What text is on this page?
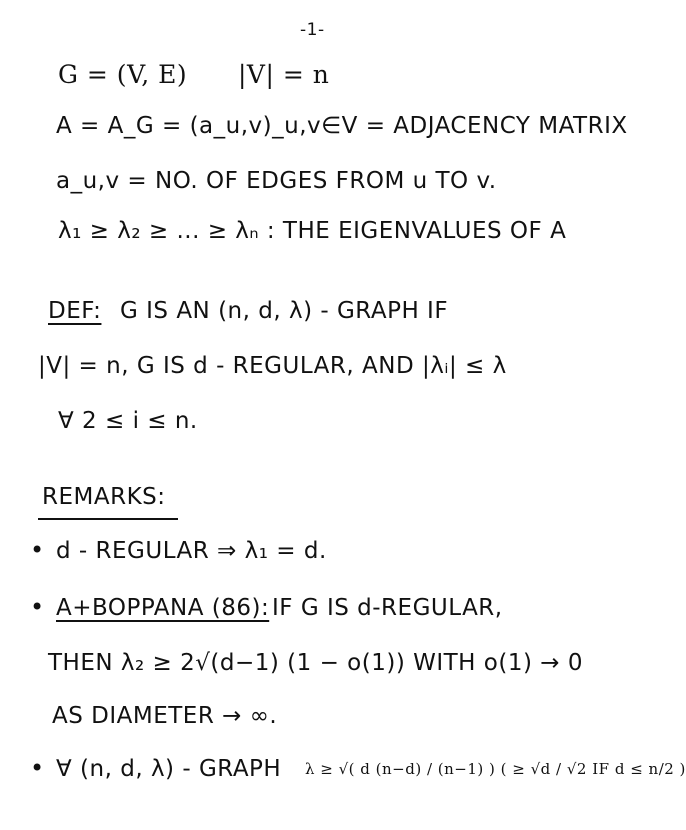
-1-
G = (V, E) |V| = n
A = A_G = (a_u,v)_u,v∈V = ADJACENCY MATRIX
a_u,v = NO. OF EDGES FROM u TO v.
λ₁ ≥ λ₂ ≥ ... ≥ λₙ : THE EIGENVALUES OF A
DEF: G IS AN (n, d, λ) - GRAPH IF
|V| = n, G IS d - REGULAR, AND |λᵢ| ≤ λ
∀ 2 ≤ i ≤ n.
REMARKS:
• d - REGULAR ⇒ λ₁ = d.
• A+BOPPANA (86): IF G IS d-REGULAR,
THEN λ₂ ≥ 2√(d−1) (1 − o(1)) WITH o(1) → 0
AS DIAMETER → ∞.
• ∀ (n, d, λ) - GRAPH λ ≥ √( d (n−d) / (n−1) ) ( ≥ √d / √2 IF d ≤ n/2 )
